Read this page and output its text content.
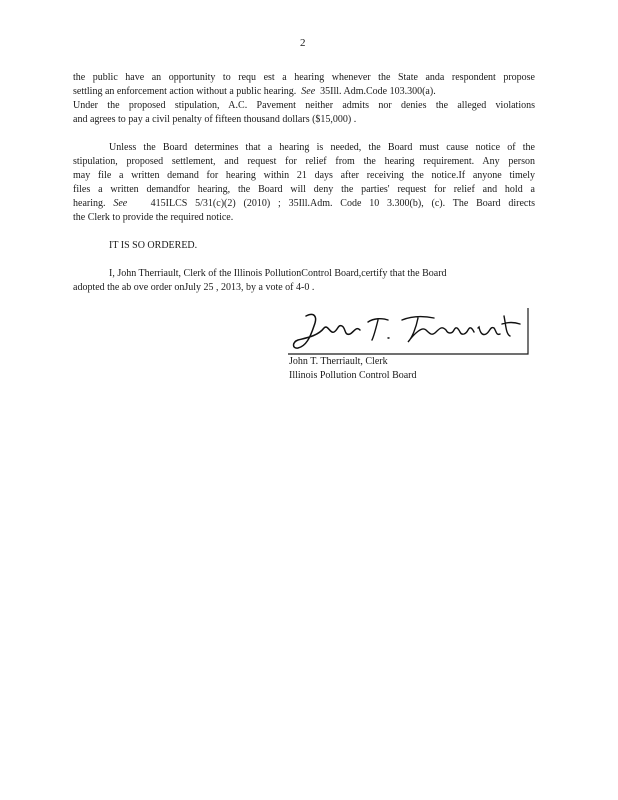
2
the public have an opportunity to requ est a hearing whenever the State anda respondent propose
settling an enforcement action without a public hearing. See 35Ill. Adm.Code 103.300(a).
Under the proposed stipulation, A.C. Pavement neither admits nor denies the alleged violations
and agrees to pay a civil penalty of fifteen thousand dollars ($15,000) .
Unless the Board determines that a hearing is needed, the Board must cause notice of the
stipulation, proposed settlement, and request for relief from the hearing requirement. Any person
may file a written demand for hearing within 21 days after receiving the notice.If anyone timely
files a written demandfor hearing, the Board will deny the parties' request for relief and hold a
hearing. See 415ILCS 5/31(c)(2) (2010) ; 35Ill.Adm. Code 10 3.300(b), (c). The Board directs
the Clerk to provide the required notice.
IT IS SO ORDERED.
I, John Therriault, Clerk of the Illinois PollutionControl Board,certify that the Board
adopted the ab ove order onJuly 25 , 2013, by a vote of 4-0 .
John T. Therriault, Clerk
Illinois Pollution Control Board
